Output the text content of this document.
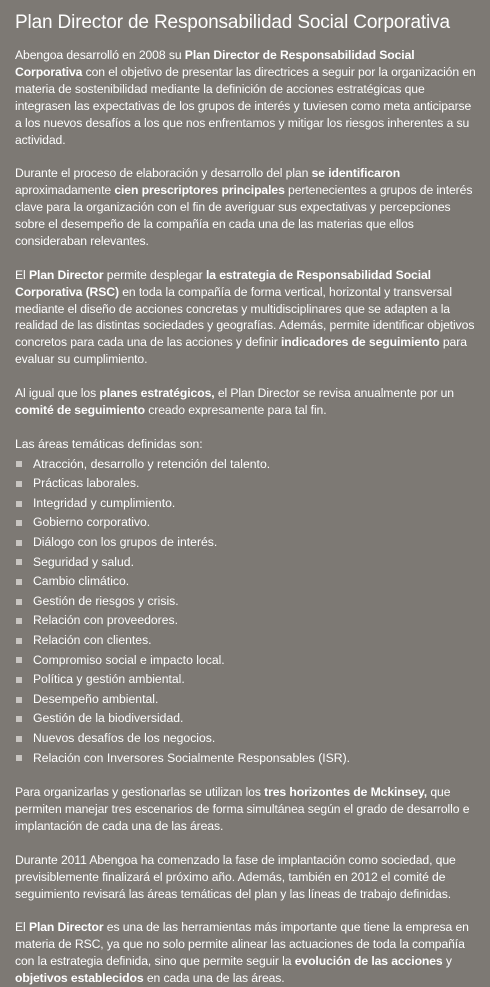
Plan Director de Responsabilidad Social Corporativa

Abengoa desarrolló en 2008 su Plan Director de Responsabilidad Social Corporativa con el objetivo de presentar las directrices a seguir por la organización en materia de sostenibilidad mediante la definición de acciones estratégicas que integrasen las expectativas de los grupos de interés y tuviesen como meta anticiparse a los nuevos desafíos a los que nos enfrentamos y mitigar los riesgos inherentes a su actividad.

Durante el proceso de elaboración y desarrollo del plan se identificaron aproximadamente cien prescriptores principales pertenecientes a grupos de interés clave para la organización con el fin de averiguar sus expectativas y percepciones sobre el desempeño de la compañía en cada una de las materias que ellos consideraban relevantes.

El Plan Director permite desplegar la estrategia de Responsabilidad Social Corporativa (RSC) en toda la compañía de forma vertical, horizontal y transversal mediante el diseño de acciones concretas y multidisciplinares que se adapten a la realidad de las distintas sociedades y geografías. Además, permite identificar objetivos concretos para cada una de las acciones y definir indicadores de seguimiento para evaluar su cumplimiento.

Al igual que los planes estratégicos, el Plan Director se revisa anualmente por un comité de seguimiento creado expresamente para tal fin.

Las áreas temáticas definidas son:

Atracción, desarrollo y retención del talento.
Prácticas laborales.
Integridad y cumplimiento.
Gobierno corporativo.
Diálogo con los grupos de interés.
Seguridad y salud.
Cambio climático.
Gestión de riesgos y crisis.
Relación con proveedores.
Relación con clientes.
Compromiso social e impacto local.
Política y gestión ambiental.
Desempeño ambiental.
Gestión de la biodiversidad.
Nuevos desafíos de los negocios.
Relación con Inversores Socialmente Responsables (ISR).

Para organizarlas y gestionarlas se utilizan los tres horizontes de Mckinsey, que permiten manejar tres escenarios de forma simultánea según el grado de desarrollo e implantación de cada una de las áreas.

Durante 2011 Abengoa ha comenzado la fase de implantación como sociedad, que previsiblemente finalizará el próximo año. Además, también en 2012 el comité de seguimiento revisará las áreas temáticas del plan y las líneas de trabajo definidas.

El Plan Director es una de las herramientas más importante que tiene la empresa en materia de RSC, ya que no solo permite alinear las actuaciones de toda la compañía con la estrategia definida, sino que permite seguir la evolución de las acciones y objetivos establecidos en cada una de las áreas.
